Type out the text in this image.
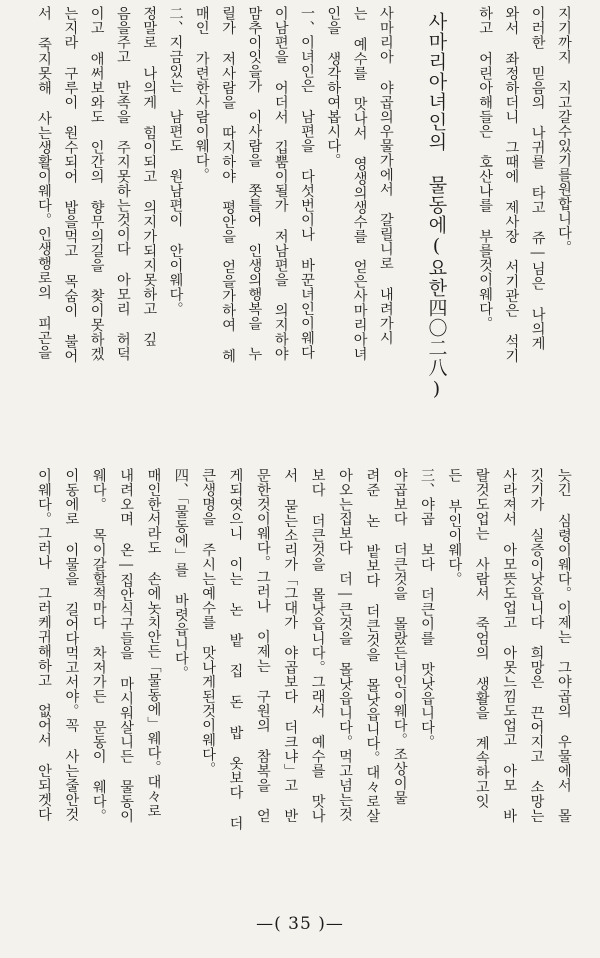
지기까지 지고갈수있기를원합니다。
이러한 믿음의 나귀를 타고 쥬―님은 나의게
와서 좌정하더니 그때에 제사장 서기관은 석기
하고 어린아해들은 호산나를 부를것이웨다。
사마리아녀인의 물동에(요한四〇二八)
사마리아 야곱의우물가에서 갈릴니로 내려가시
는 예수를 맛나서 영생의생수를 얻은사마리아녀
인을 생각하여봅시다。
一、이녀인은 남편을 다섯번이나 바꾼녀인이웨다
이남편을 어더서 깁뿜이될가 저남편을 의지하야
맘추이잇을가 이사람을 쫏틀어 인생의행복을 누
릴가 저사람을 따지하야 평안을 얻을가하여 헤
매인 가련한사람이웨다。
二、지금있는 남편도 원남편이 안이웨다。
정말로 나의게 힘이되고 의지가되지못하고 깊
음을주고 만족을 주지못하는것이다 아모리 허덕
이고 애써보와도 인간의 향무의길을 찾이못하겠
는지라 구루이 원수되어 밥을먹고 목숨이 불어
서 죽지못해 사는생활이웨다。인생행로의 피곤을
늣긴 심령이웨다。이제는 그야곱의 우물에서 몰
깃기가 실증이낫읍니다 희망은 끈어지고 소망는
사라져서 아모뜻도업고 아못느낌도업고 아모 바
랄것도업는 사람서 죽엄의 생활을 계속하고잇
든 부인이웨다。
三、야곱 보다 더큰이를 맛낫읍니다。
야곱보다 더큰것을 몰랐든녀인이웨다。조상이물
려준 논 밭보다 더큰것을 몰낫읍니다。대々로살
아오는집보다 더―큰것을 몰낫읍니다。먹고넘는것
보다 더큰것을 몰낫읍니다。그래서 예수를 맛나
서 묻는소리가「그대가 야곱보다 더크냐」고 반
문한것이웨다。그러나 이제는 구원의 참복을 얻
게되엿으니 이는 논 밭 집 돈 밥 옷보다 더
큰생명을 주시는예수를 맛나게된것이웨다。
四、「물동에」를 바렷읍니다。
매인한서라도 손에놋치안든「물동에」웨다。대々로
내려오며 온―집안식구들을 마시워살니든 물동이
웨다。 목이갈할적마다 차저가든 문동이 웨다。
이동에로 이물을 길어다먹고서야。꼭 사는줄안것
이웨다。그러나 그러케귀해하고 없어서 안되겟다
—( 35 )—
